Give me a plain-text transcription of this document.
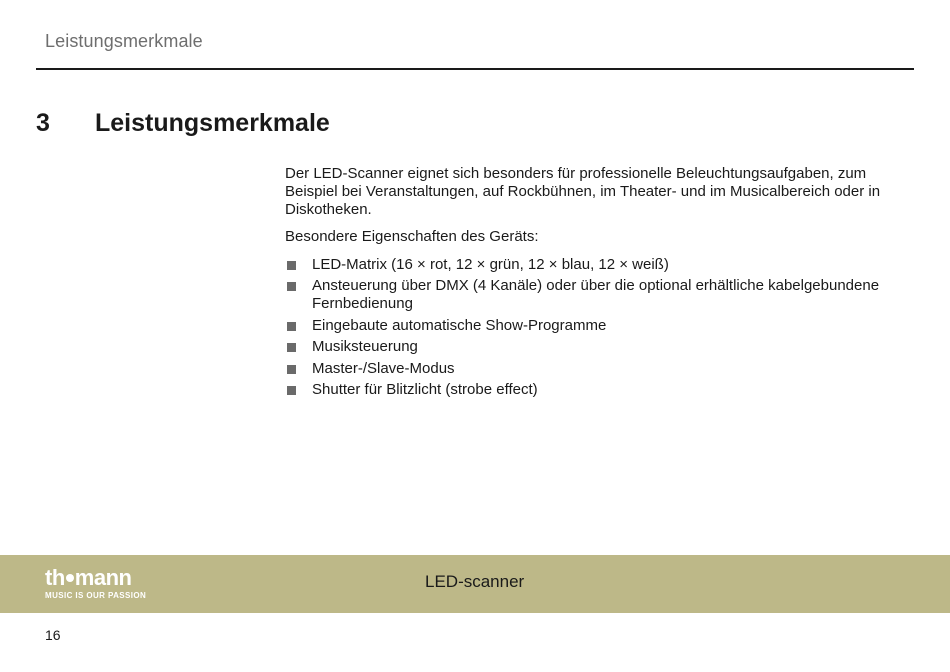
Leistungsmerkmale
3 Leistungsmerkmale

Der LED-Scanner eignet sich besonders für professionelle Beleuchtungsaufgaben, zum Beispiel bei Veranstaltungen, auf Rockbühnen, im Theater- und im Musicalbereich oder in Diskotheken.

Besondere Eigenschaften des Geräts:

LED-Matrix (16 × rot, 12 × grün, 12 × blau, 12 × weiß)
Ansteuerung über DMX (4 Kanäle) oder über die optional erhältliche kabelgebundene Fernbedienung
Eingebaute automatische Show-Programme
Musiksteuerung
Master-/Slave-Modus
Shutter für Blitzlicht (strobe effect)
th mann
MUSIC IS OUR PASSION
LED-scanner
16
